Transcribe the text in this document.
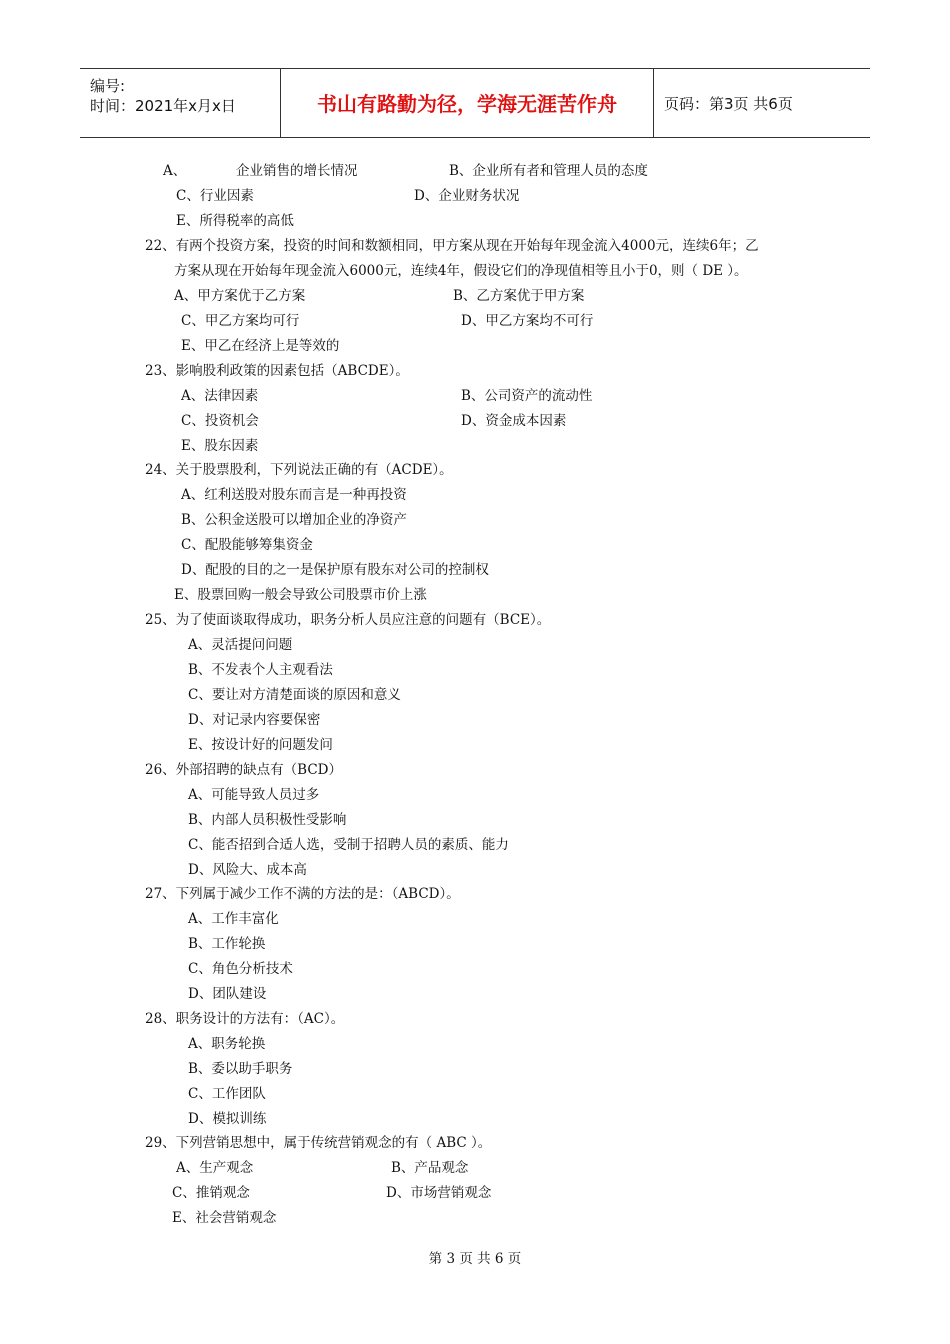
编号:
时间：2021年x月x日	书山有路勤为径，学海无涯苦作舟	页码：第3页 共6页
A、	企业销售的增长情况	B、企业所有者和管理人员的态度
C、行业因素	D、企业财务状况
E、所得税率的高低
22、有两个投资方案，投资的时间和数额相同，甲方案从现在开始每年现金流入4000元，连续6年；乙
方案从现在开始每年现金流入6000元，连续4年，假设它们的净现值相等且小于0，则（ DE ）。
A、甲方案优于乙方案	B、乙方案优于甲方案
C、甲乙方案均可行	D、甲乙方案均不可行
E、甲乙在经济上是等效的
23、影响股利政策的因素包括（ABCDE）。
A、法律因素	B、公司资产的流动性
C、投资机会	D、资金成本因素
E、股东因素
24、关于股票股利，下列说法正确的有（ACDE）。
A、红利送股对股东而言是一种再投资
B、公积金送股可以增加企业的净资产
C、配股能够筹集资金
D、配股的目的之一是保护原有股东对公司的控制权
E、股票回购一般会导致公司股票市价上涨
25、为了使面谈取得成功，职务分析人员应注意的问题有（BCE）。
A、灵活提问问题
B、不发表个人主观看法
C、要让对方清楚面谈的原因和意义
D、对记录内容要保密
E、按设计好的问题发问
26、外部招聘的缺点有（BCD）
A、可能导致人员过多
B、内部人员积极性受影响
C、能否招到合适人选，受制于招聘人员的素质、能力
D、风险大、成本高
27、下列属于减少工作不满的方法的是：（ABCD）。
A、工作丰富化
B、工作轮换
C、角色分析技术
D、团队建设
28、职务设计的方法有：（AC）。
A、职务轮换
B、委以助手职务
C、工作团队
D、模拟训练
29、下列营销思想中，属于传统营销观念的有（ ABC ）。
A、生产观念	B、产品观念
C、推销观念	D、市场营销观念
E、社会营销观念
第 3 页 共 6 页
